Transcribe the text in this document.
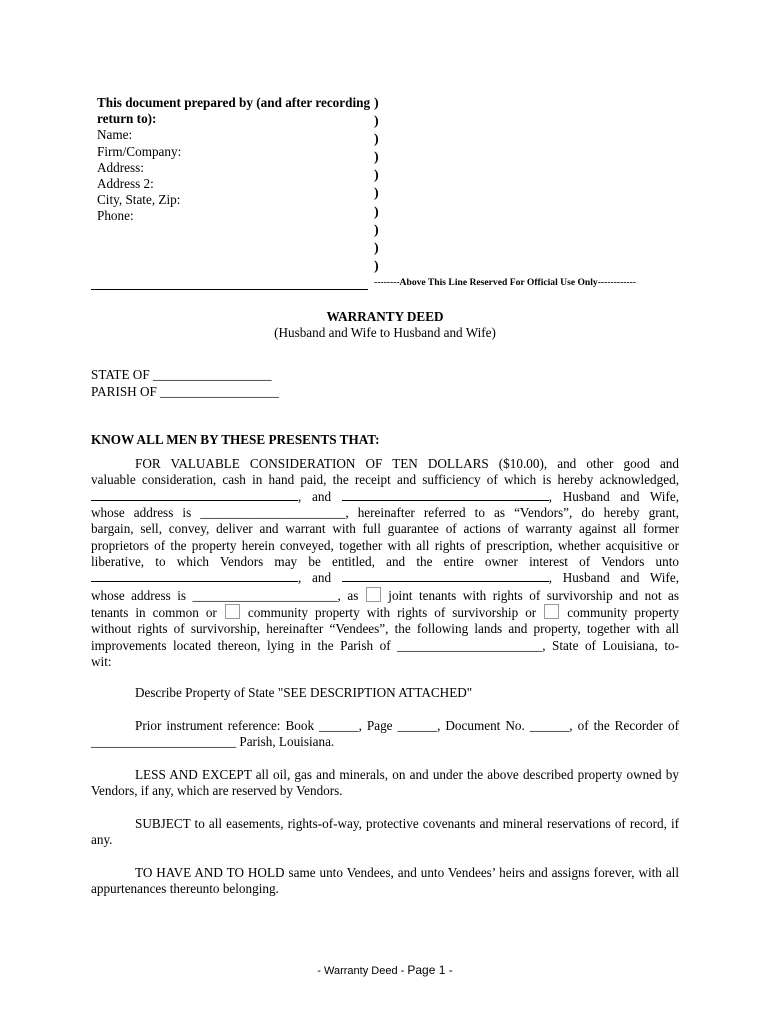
This document prepared by (and after recording return to):
Name:
Firm/Company:
Address:
Address 2:
City, State, Zip:
Phone:
)
)
)
)
)
)
)
)
)
)
--------Above This Line Reserved For Official Use Only------------
WARRANTY DEED
(Husband and Wife to Husband and Wife)
STATE OF __________________
PARISH OF __________________
KNOW ALL MEN BY THESE PRESENTS THAT:
FOR VALUABLE CONSIDERATION OF TEN DOLLARS ($10.00), and other good and
valuable consideration, cash in hand paid, the receipt and sufficiency of which is hereby acknowledged,
, and	, Husband and Wife,
whose address is ______________________, hereinafter referred to as “Vendors”, do hereby grant,
bargain, sell, convey, deliver and warrant with full guarantee of actions of warranty against all former
proprietors of the property herein conveyed, together with all rights of prescription, whether acquisitive or
liberative, to which Vendors may be entitled, and the entire owner interest of Vendors unto
, and	, Husband and Wife,
whose address is ______________________, as joint tenants with rights of survivorship and not as
tenants in common or community property with rights of survivorship or community property
without rights of survivorship, hereinafter “Vendees”, the following lands and property, together with all
improvements located thereon, lying in the Parish of ______________________, State of Louisiana, to-
wit:
Describe Property of State "SEE DESCRIPTION ATTACHED"
Prior instrument reference: Book ______, Page ______, Document No. ______, of the Recorder of
______________________ Parish, Louisiana.
LESS AND EXCEPT all oil, gas and minerals, on and under the above described property owned by Vendors, if any, which are reserved by Vendors.
SUBJECT to all easements, rights-of-way, protective covenants and mineral reservations of record, if any.
TO HAVE AND TO HOLD same unto Vendees, and unto Vendees’ heirs and assigns forever, with all appurtenances thereunto belonging.
- Warranty Deed - Page 1 -
